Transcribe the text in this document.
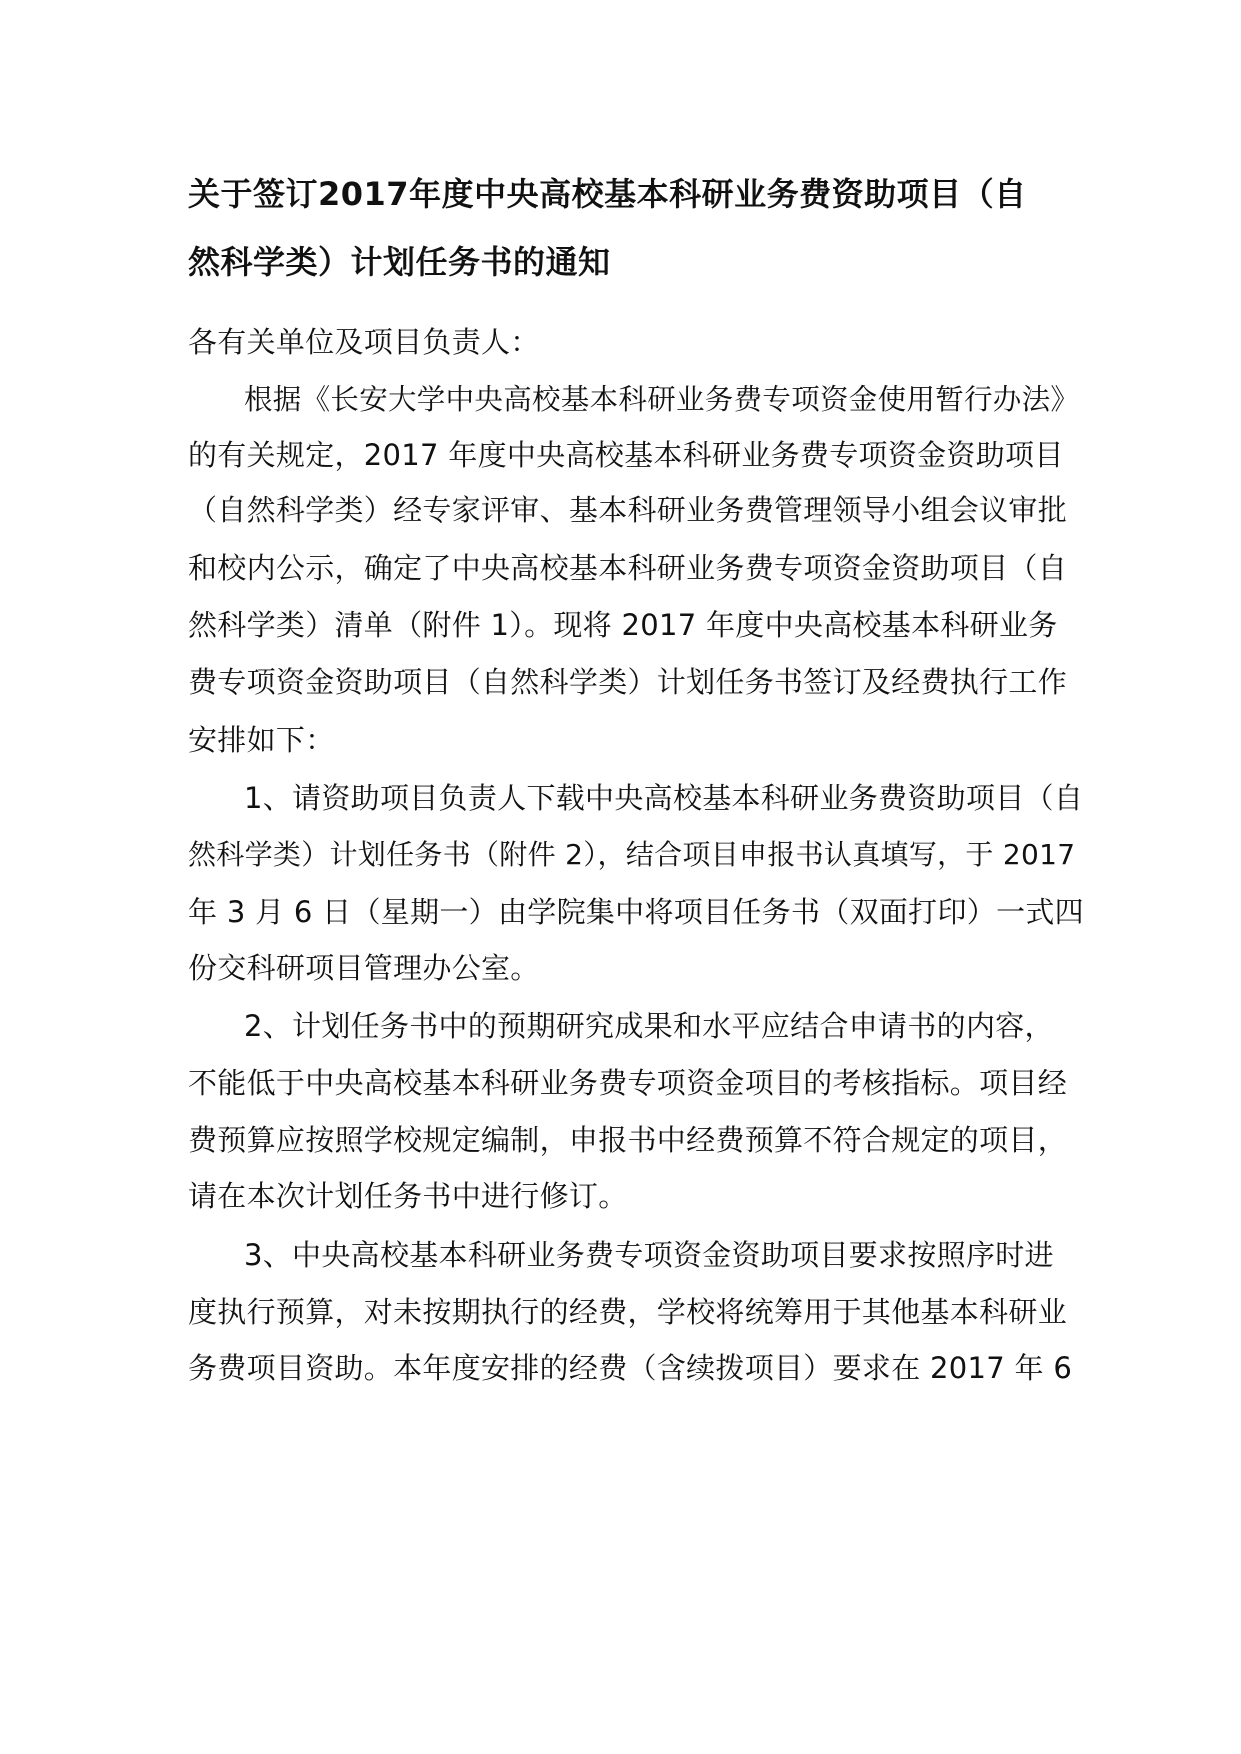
关于签订2017年度中央高校基本科研业务费资助项目（自然科学类）计划任务书的通知

各有关单位及项目负责人：

根据《长安大学中央高校基本科研业务费专项资金使用暂行办法》

的有关规定，2017 年度中央高校基本科研业务费专项资金资助项目

（自然科学类）经专家评审、基本科研业务费管理领导小组会议审批

和校内公示，确定了中央高校基本科研业务费专项资金资助项目（自

然科学类）清单（附件 1）。现将 2017 年度中央高校基本科研业务

费专项资金资助项目（自然科学类）计划任务书签订及经费执行工作

安排如下：

1、请资助项目负责人下载中央高校基本科研业务费资助项目（自

然科学类）计划任务书（附件 2），结合项目申报书认真填写，于 2017

年 3 月 6 日（星期一）由学院集中将项目任务书（双面打印）一式四

份交科研项目管理办公室。

2、计划任务书中的预期研究成果和水平应结合申请书的内容，

不能低于中央高校基本科研业务费专项资金项目的考核指标。项目经

费预算应按照学校规定编制，申报书中经费预算不符合规定的项目，

请在本次计划任务书中进行修订。

3、中央高校基本科研业务费专项资金资助项目要求按照序时进

度执行预算，对未按期执行的经费，学校将统筹用于其他基本科研业

务费项目资助。本年度安排的经费（含续拨项目）要求在 2017 年 6
